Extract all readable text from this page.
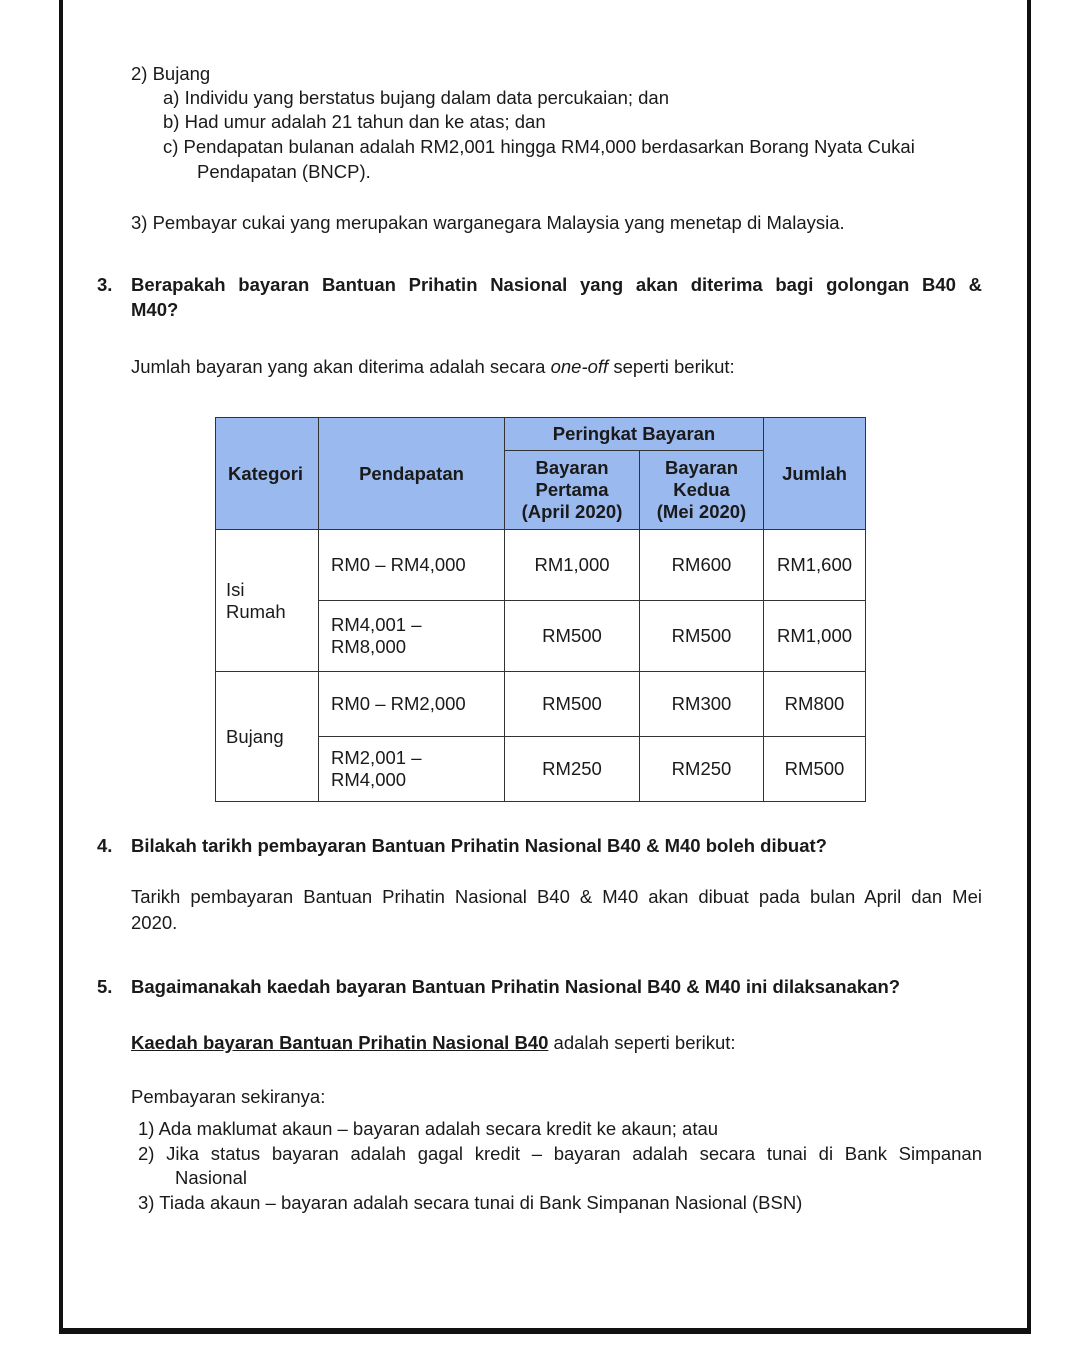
2) Bujang
a) Individu yang berstatus bujang dalam data percukaian; dan
b) Had umur adalah 21 tahun dan ke atas; dan
c) Pendapatan bulanan adalah RM2,001 hingga RM4,000 berdasarkan Borang Nyata Cukai
Pendapatan (BNCP).
3) Pembayar cukai yang merupakan warganegara Malaysia yang menetap di Malaysia.
3. Berapakah bayaran Bantuan Prihatin Nasional yang akan diterima bagi golongan B40 &
M40?
Jumlah bayaran yang akan diterima adalah secara one-off seperti berikut:
Kategori	Pendapatan	Peringkat Bayaran		Jumlah
		Bayaran
Pertama
(April 2020)	Bayaran
Kedua
(Mei 2020)	
Isi
Rumah	RM0 – RM4,000	RM1,000	RM600	RM1,600
	RM4,001 –
RM8,000	RM500	RM500	RM1,000
Bujang	RM0 – RM2,000	RM500	RM300	RM800
	RM2,001 –
RM4,000	RM250	RM250	RM500
4. Bilakah tarikh pembayaran Bantuan Prihatin Nasional B40 & M40 boleh dibuat?
Tarikh pembayaran Bantuan Prihatin Nasional B40 & M40 akan dibuat pada bulan April dan Mei
2020.
5. Bagaimanakah kaedah bayaran Bantuan Prihatin Nasional B40 & M40 ini dilaksanakan?
Kaedah bayaran Bantuan Prihatin Nasional B40 adalah seperti berikut:
Pembayaran sekiranya:
1) Ada maklumat akaun – bayaran adalah secara kredit ke akaun; atau
2) Jika status bayaran adalah gagal kredit – bayaran adalah secara tunai di Bank Simpanan
Nasional
3) Tiada akaun – bayaran adalah secara tunai di Bank Simpanan Nasional (BSN)
